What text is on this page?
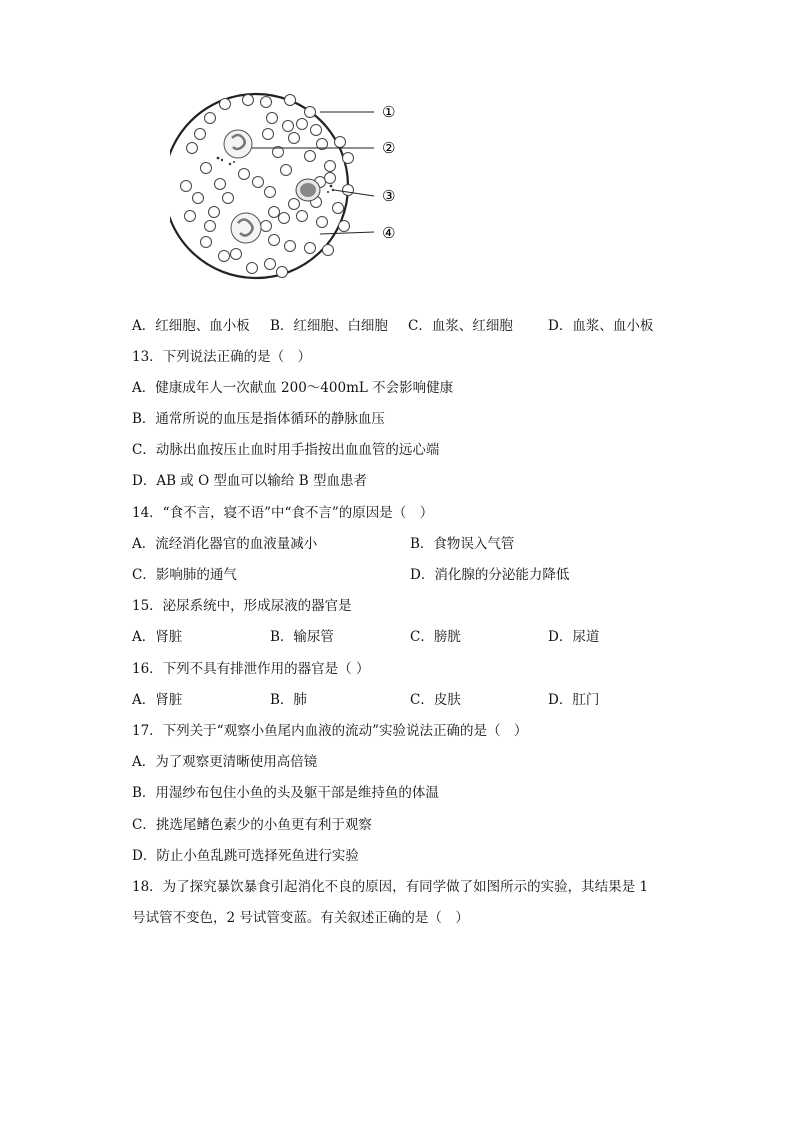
①
②
③
④
A．红细胞、血小板 B．红细胞、白细胞 C．血浆、红细胞	D．血浆、血小板
13．下列说法正确的是（　）
A．健康成年人一次献血 200～400mL 不会影响健康
B．通常所说的血压是指体循环的静脉血压
C．动脉出血按压止血时用手指按出血血管的远心端
D．AB 或 O 型血可以输给 B 型血患者
14．“食不言，寝不语”中“食不言”的原因是（　）
A．流经消化器官的血液量减小	B．食物误入气管
C．影响肺的通气	D．消化腺的分泌能力降低
15．泌尿系统中，形成尿液的器官是
A．肾脏	B．输尿管	C．膀胱	D．尿道
16．下列不具有排泄作用的器官是（ ）
A．肾脏	B．肺	C．皮肤	D．肛门
17．下列关于“观察小鱼尾内血液的流动”实验说法正确的是（　）
A．为了观察更清晰使用高倍镜
B．用湿纱布包住小鱼的头及躯干部是维持鱼的体温
C．挑选尾鳍色素少的小鱼更有利于观察
D．防止小鱼乱跳可选择死鱼进行实验
18．为了探究暴饮暴食引起消化不良的原因，有同学做了如图所示的实验，其结果是 1
号试管不变色，2 号试管变蓝。有关叙述正确的是（　）
